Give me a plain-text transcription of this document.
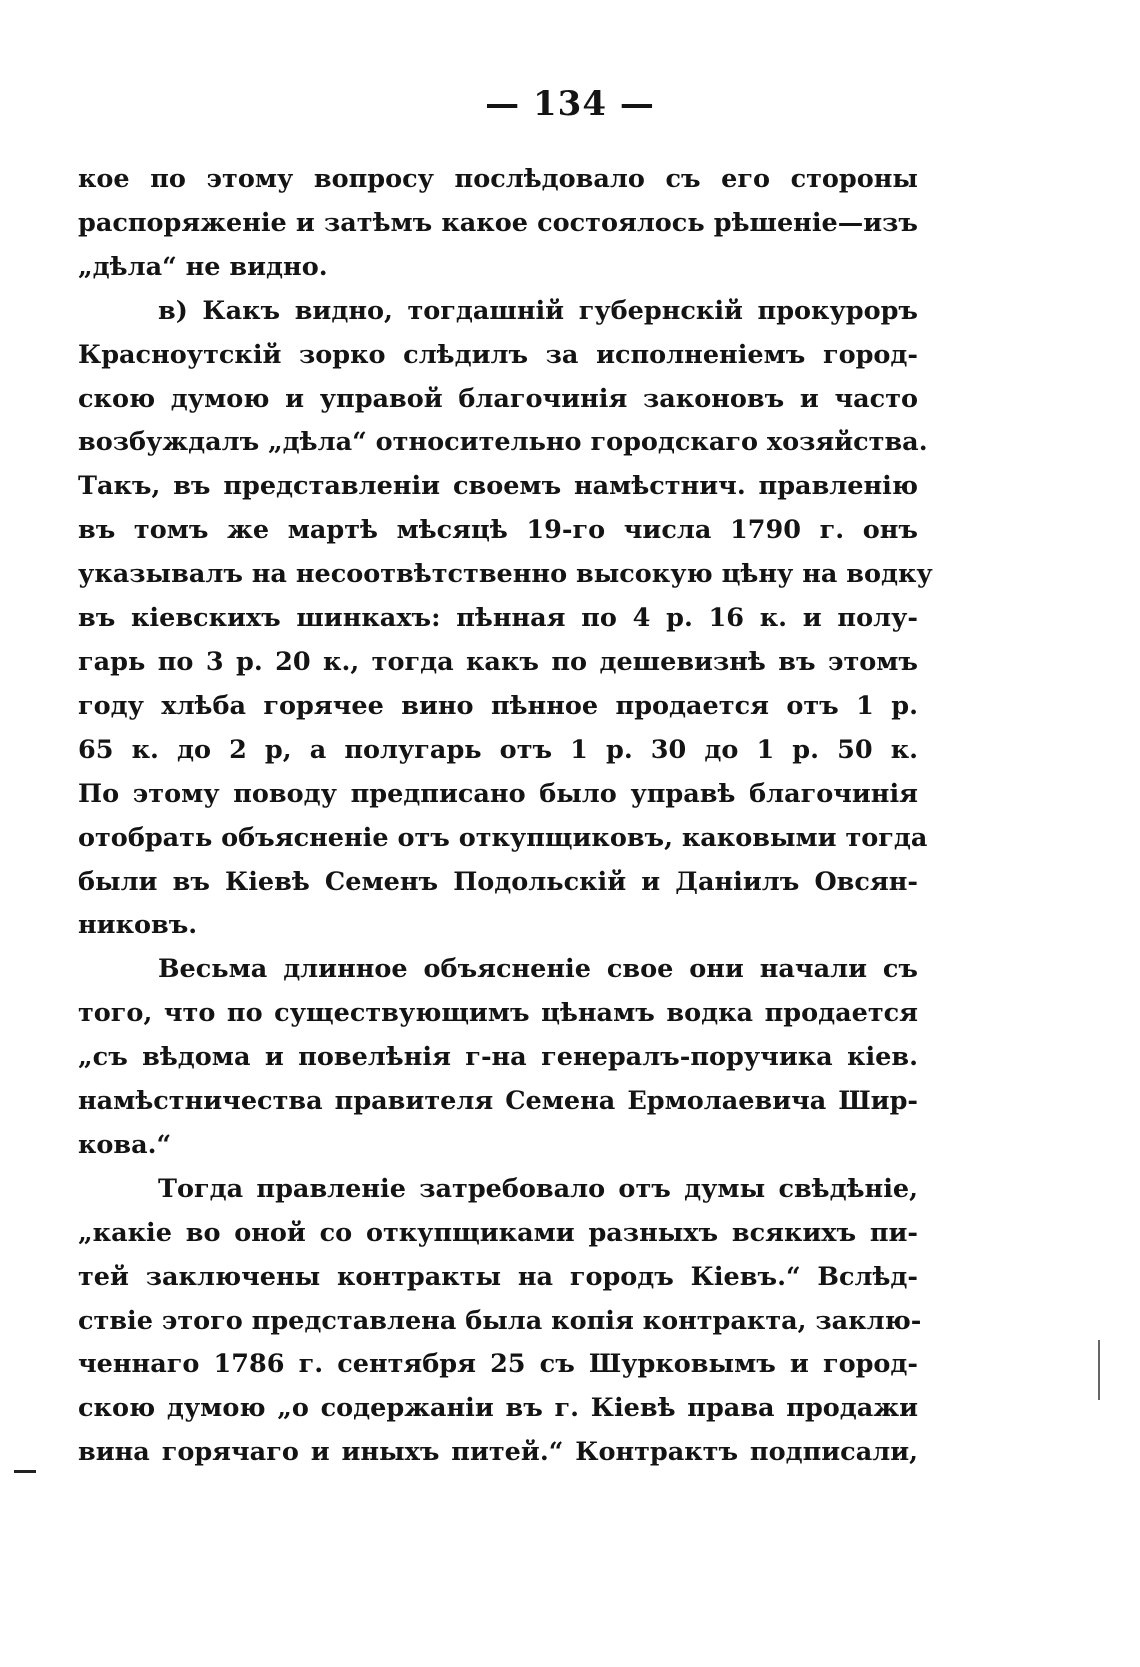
— 134 —
кое по этому вопросу послѣдовало съ его стороны
распоряженіе и затѣмъ какое состоялось рѣшеніе—изъ
„дѣла“ не видно.
в) Какъ видно, тогдашній губернскій прокуроръ
Красноутскій зорко слѣдилъ за исполненіемъ город-
скою думою и управой благочинія законовъ и часто
возбуждалъ „дѣла“ относительно городскаго хозяйства.
Такъ, въ представленіи своемъ намѣстнич. правленію
въ томъ же мартѣ мѣсяцѣ 19-го числа 1790 г. онъ
указывалъ на несоотвѣтственно высокую цѣну на водку
въ кіевскихъ шинкахъ: пѣнная по 4 р. 16 к. и полу-
гарь по 3 р. 20 к., тогда какъ по дешевизнѣ въ этомъ
году хлѣба горячее вино пѣнное продается отъ 1 р.
65 к. до 2 р, а полугарь отъ 1 р. 30 до 1 р. 50 к.
По этому поводу предписано было управѣ благочинія
отобрать объясненіе отъ откупщиковъ, каковыми тогда
были въ Кіевѣ Семенъ Подольскій и Даніилъ Овсян-
никовъ.
Весьма длинное объясненіе свое они начали съ
того, что по существующимъ цѣнамъ водка продается
„съ вѣдома и повелѣнія г-на генералъ-поручика кіев.
намѣстничества правителя Семена Ермолаевича Шир-
кова.“
Тогда правленіе затребовало отъ думы свѣдѣніе,
„какіе во оной со откупщиками разныхъ всякихъ пи-
тей заключены контракты на городъ Кіевъ.“ Вслѣд-
ствіе этого представлена была копія контракта, заклю-
ченнаго 1786 г. сентября 25 съ Шурковымъ и город-
скою думою „о содержаніи въ г. Кіевѣ права продажи
вина горячаго и иныхъ питей.“ Контрактъ подписали,
